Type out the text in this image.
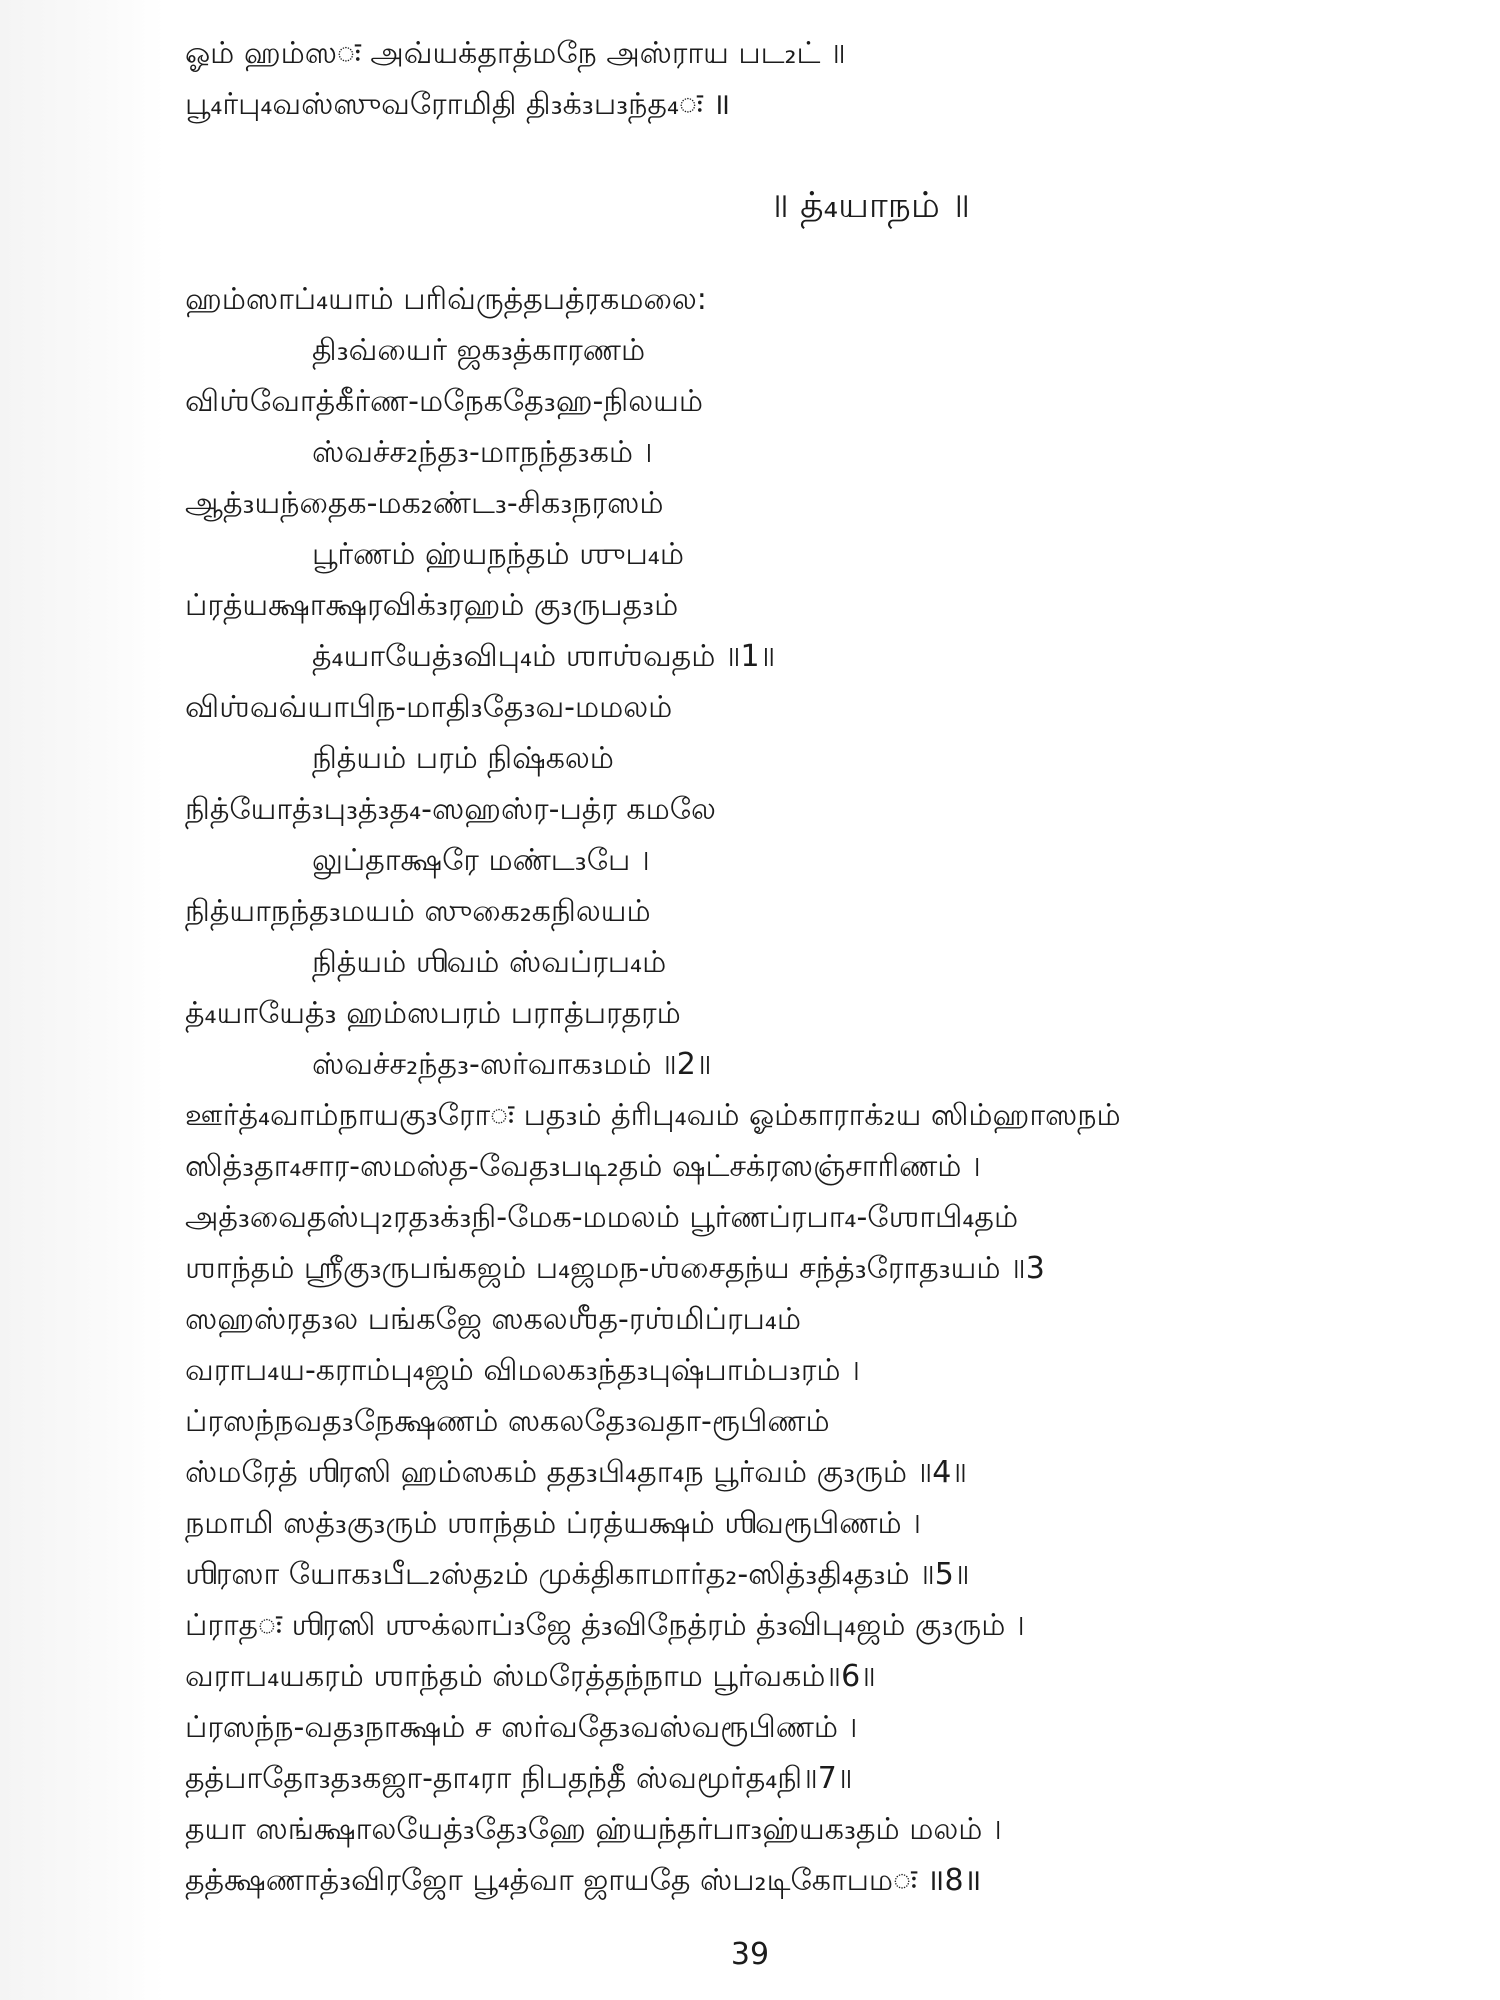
ஓம் ஹம்ஸः அவ்யக்தாத்மநே அஸ்ராய பட₂ட் ॥
பூ₄ர்பு₄வஸ்ஸுவரோமிதி தி₃க்₃ப₃ந்த₄ः ॥
॥ த்₄யாநம் ॥
ஹம்ஸாப்₄யாம் பரிவ்ருத்தபத்ரகமலை:
தி₃வ்யைர் ஜக₃த்காரணம்
விஶ்வோத்கீர்ண-மநேகதே₃ஹ-நிலயம்
ஸ்வச்ச₂ந்த₃-மாநந்த₃கம் ।
ஆத்₃யந்தைக-மக₂ண்ட₃-சிக₃நரஸம்
பூர்ணம் ஹ்யநந்தம் ஶுப₄ம்
ப்ரத்யக்ஷாக்ஷரவிக்₃ரஹம் கு₃ருபத₃ம்
த்₄யாயேத்₃விபு₄ம் ஶாஶ்வதம் ॥1॥
விஶ்வவ்யாபிந-மாதி₃தே₃வ-மமலம்
நித்யம் பரம் நிஷ்கலம்
நித்யோத்₃பு₃த்₃த₄-ஸஹஸ்ர-பத்ர கமலே
லுப்தாக்ஷரே மண்ட₃பே ।
நித்யாநந்த₃மயம் ஸுகை₂கநிலயம்
நித்யம் ஶிவம் ஸ்வப்ரப₄ம்
த்₄யாயேத்₃ ஹம்ஸபரம் பராத்பரதரம்
ஸ்வச்ச₂ந்த₃-ஸர்வாக₃மம் ॥2॥
ஊர்த்₄வாம்நாயகு₃ரோः பத₃ம் த்ரிபு₄வம் ஓம்காராக்₂ய ஸிம்ஹாஸநம்
ஸித்₃தா₄சார-ஸமஸ்த-வேத₃படி₂தம் ஷட்சக்ரஸஞ்சாரிணம் ।
அத்₃வைதஸ்பு₂ரத₃க்₃நி-மேக-மமலம் பூர்ணப்ரபா₄-ஶோபி₄தம்
ஶாந்தம் ஶ்ரீகு₃ருபங்கஜம் ப₄ஜமந-ஶ்சைதந்ய சந்த்₃ரோத₃யம் ॥3
ஸஹஸ்ரத₃ல பங்கஜே ஸகலஶீத-ரஶ்மிப்ரப₄ம்
வராப₄ய-கராம்பு₄ஜம் விமலக₃ந்த₃புஷ்பாம்ப₃ரம் ।
ப்ரஸந்நவத₃நேக்ஷணம் ஸகலதே₃வதா-ரூபிணம்
ஸ்மரேத் ஶிரஸி ஹம்ஸகம் தத₃பி₄தா₄ந பூர்வம் கு₃ரும் ॥4॥
நமாமி ஸத்₃கு₃ரும் ஶாந்தம் ப்ரத்யக்ஷம் ஶிவரூபிணம் ।
ஶிரஸா யோக₃பீட₂ஸ்த₂ம் முக்திகாமார்த₂-ஸித்₃தி₄த₃ம் ॥5॥
ப்ராதः ஶிரஸி ஶுக்லாப்₃ஜே த்₃விநேத்ரம் த்₃விபு₄ஜம் கு₃ரும் ।
வராப₄யகரம் ஶாந்தம் ஸ்மரேத்தந்நாம பூர்வகம்॥6॥
ப்ரஸந்ந-வத₃நாக்ஷம் ச ஸர்வதே₃வஸ்வரூபிணம் ।
தத்பாதோ₃த₃கஜா-தா₄ரா நிபதந்தீ ஸ்வமூர்த₄நி॥7॥
தயா ஸங்க்ஷாலயேத்₃தே₃ஹே ஹ்யந்தர்பா₃ஹ்யக₃தம் மலம் ।
தத்க்ஷணாத்₃விரஜோ பூ₄த்வா ஜாயதே ஸ்ப₂டிகோபமः ॥8॥
39
